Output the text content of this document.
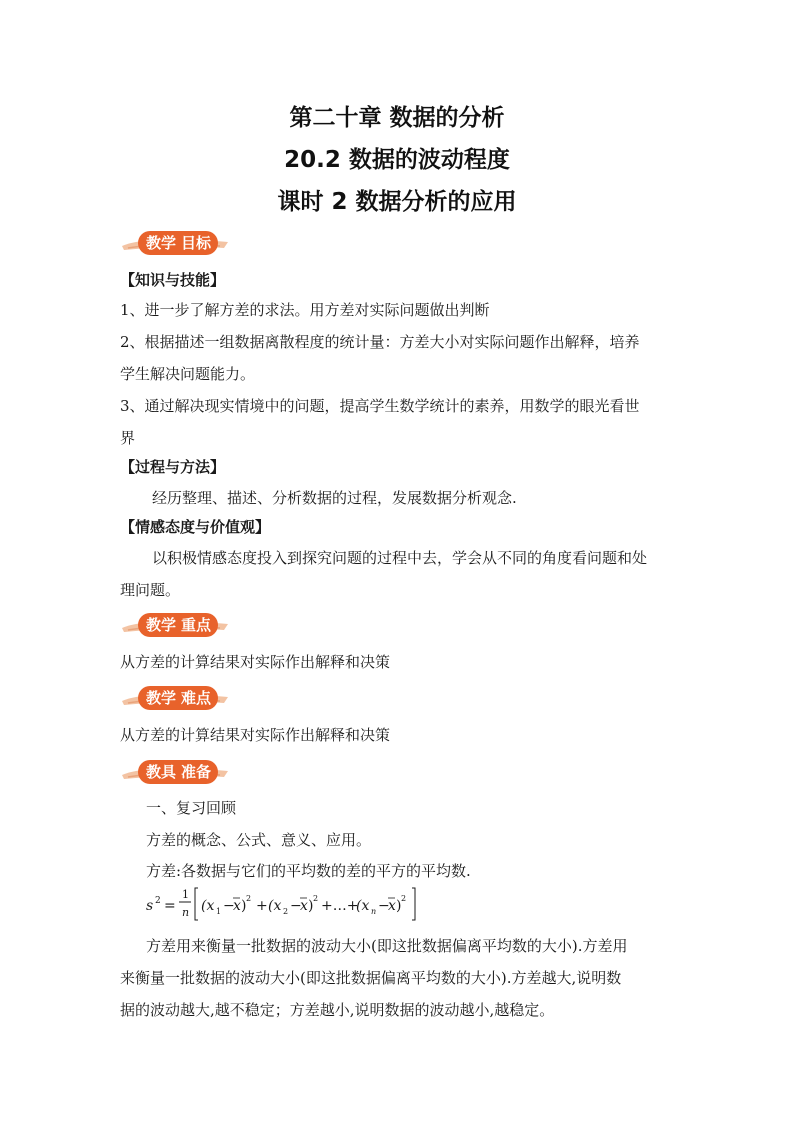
第二十章 数据的分析
20.2 数据的波动程度
课时 2 数据分析的应用
教学 目标
【知识与技能】
1、进一步了解方差的求法。用方差对实际问题做出判断
2、根据描述一组数据离散程度的统计量：方差大小对实际问题作出解释，培养
学生解决问题能力。
3、通过解决现实情境中的问题，提高学生数学统计的素养，用数学的眼光看世
界
【过程与方法】
经历整理、描述、分析数据的过程，发展数据分析观念.
【情感态度与价值观】
以积极情感态度投入到探究问题的过程中去，学会从不同的角度看问题和处
理问题。
教学 重点
从方差的计算结果对实际作出解释和决策
教学 难点
从方差的计算结果对实际作出解释和决策
教具 准备
一、复习回顾
方差的概念、公式、意义、应用。
方差:各数据与它们的平均数的差的平方的平均数.
s 2 =
1
n (x 1 −
x ) 2 + (x 2 −
x ) 2 +…+
(x n −
x ) 2
方差用来衡量一批数据的波动大小(即这批数据偏离平均数的大小).方差用
来衡量一批数据的波动大小(即这批数据偏离平均数的大小).方差越大,说明数
据的波动越大,越不稳定；方差越小,说明数据的波动越小,越稳定。
